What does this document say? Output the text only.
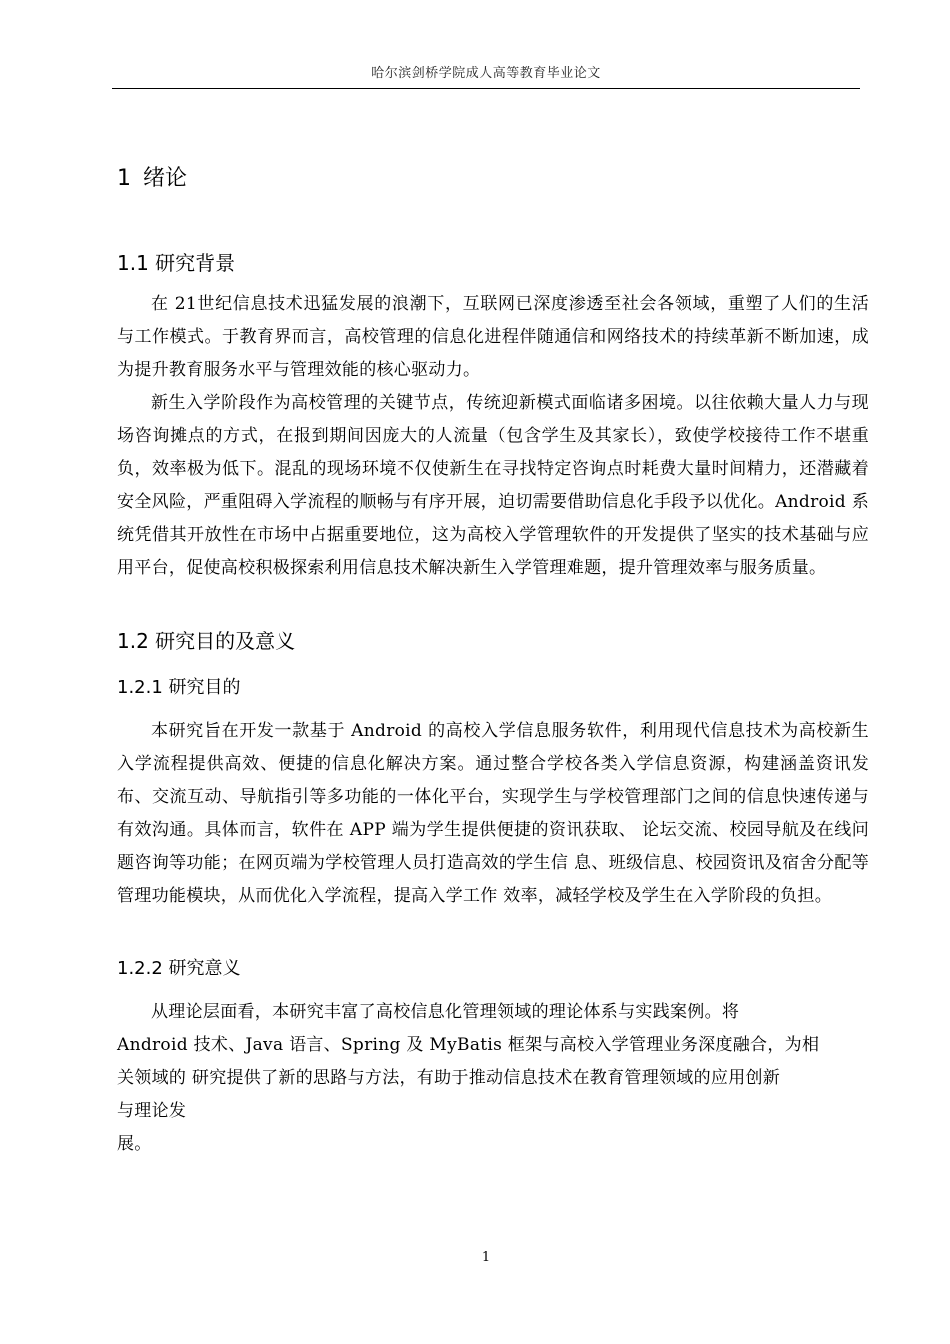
哈尔滨剑桥学院成人高等教育毕业论文
1 绪论
1.1 研究背景

在 21世纪信息技术迅猛发展的浪潮下，互联网已深度渗透至社会各领域，重塑了人们的生活与工作模式。于教育界而言，高校管理的信息化进程伴随通信和网络技术的持续革新不断加速，成为提升教育服务水平与管理效能的核心驱动力。

新生入学阶段作为高校管理的关键节点，传统迎新模式面临诸多困境。以往依赖大量人力与现场咨询摊点的方式，在报到期间因庞大的人流量（包含学生及其家长），致使学校接待工作不堪重负，效率极为低下。混乱的现场环境不仅使新生在寻找特定咨询点时耗费大量时间精力，还潜藏着安全风险，严重阻碍入学流程的顺畅与有序开展，迫切需要借助信息化手段予以优化。Android 系统凭借其开放性在市场中占据重要地位，这为高校入学管理软件的开发提供了坚实的技术基础与应用平台，促使高校积极探索利用信息技术解决新生入学管理难题，提升管理效率与服务质量。

1.2 研究目的及意义
1.2.1 研究目的

本研究旨在开发一款基于 Android 的高校入学信息服务软件，利用现代信息技术为高校新生入学流程提供高效、便捷的信息化解决方案。通过整合学校各类入学信息资源，构建涵盖资讯发布、交流互动、导航指引等多功能的一体化平台，实现学生与学校管理部门之间的信息快速传递与有效沟通。具体而言，软件在 APP 端为学生提供便捷的资讯获取、 论坛交流、校园导航及在线问题咨询等功能；在网页端为学校管理人员打造高效的学生信 息、班级信息、校园资讯及宿舍分配等管理功能模块，从而优化入学流程，提高入学工作 效率，减轻学校及学生在入学阶段的负担。

1.2.2 研究意义
从理论层面看，本研究丰富了高校信息化管理领域的理论体系与实践案例。将
Android 技术、Java 语言、Spring 及 MyBatis 框架与高校入学管理业务深度融合，为相
关领域的 研究提供了新的思路与方法，有助于推动信息技术在教育管理领域的应用创新
与理论发
展。
1
